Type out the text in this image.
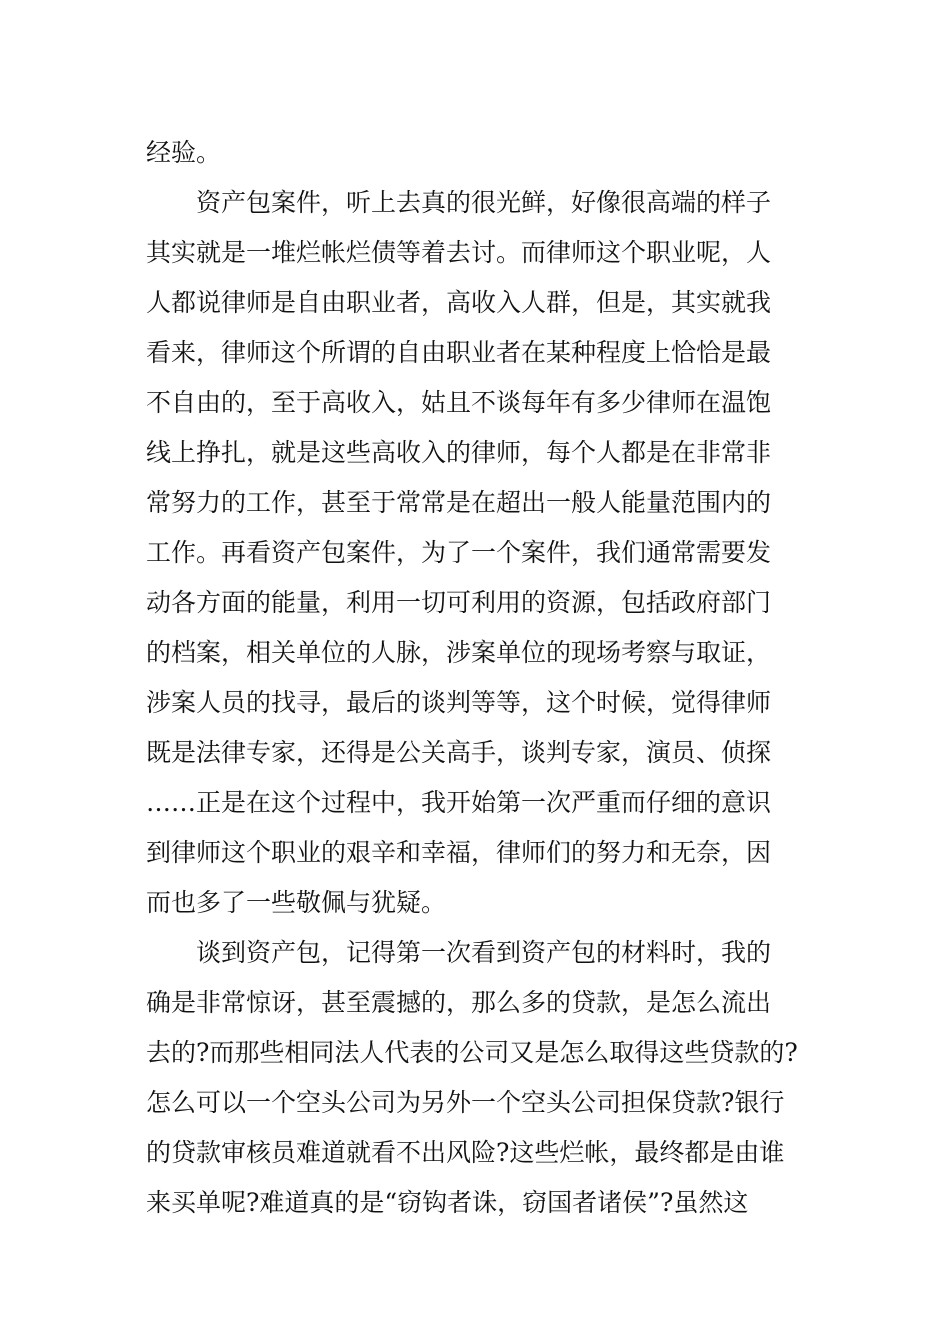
经验。
资产包案件，听上去真的很光鲜，好像很高端的样子
其实就是一堆烂帐烂债等着去讨。而律师这个职业呢，人
人都说律师是自由职业者，高收入人群，但是，其实就我
看来，律师这个所谓的自由职业者在某种程度上恰恰是最
不自由的，至于高收入，姑且不谈每年有多少律师在温饱
线上挣扎，就是这些高收入的律师，每个人都是在非常非
常努力的工作，甚至于常常是在超出一般人能量范围内的
工作。再看资产包案件，为了一个案件，我们通常需要发
动各方面的能量，利用一切可利用的资源，包括政府部门
的档案，相关单位的人脉，涉案单位的现场考察与取证，
涉案人员的找寻，最后的谈判等等，这个时候，觉得律师
既是法律专家，还得是公关高手，谈判专家，演员、侦探
……正是在这个过程中，我开始第一次严重而仔细的意识
到律师这个职业的艰辛和幸福，律师们的努力和无奈，因
而也多了一些敬佩与犹疑。
谈到资产包，记得第一次看到资产包的材料时，我的
确是非常惊讶，甚至震撼的，那么多的贷款，是怎么流出
去的?而那些相同法人代表的公司又是怎么取得这些贷款的?
怎么可以一个空头公司为另外一个空头公司担保贷款?银行
的贷款审核员难道就看不出风险?这些烂帐，最终都是由谁
来买单呢?难道真的是“窃钩者诛，窃国者诸侯”?虽然这
